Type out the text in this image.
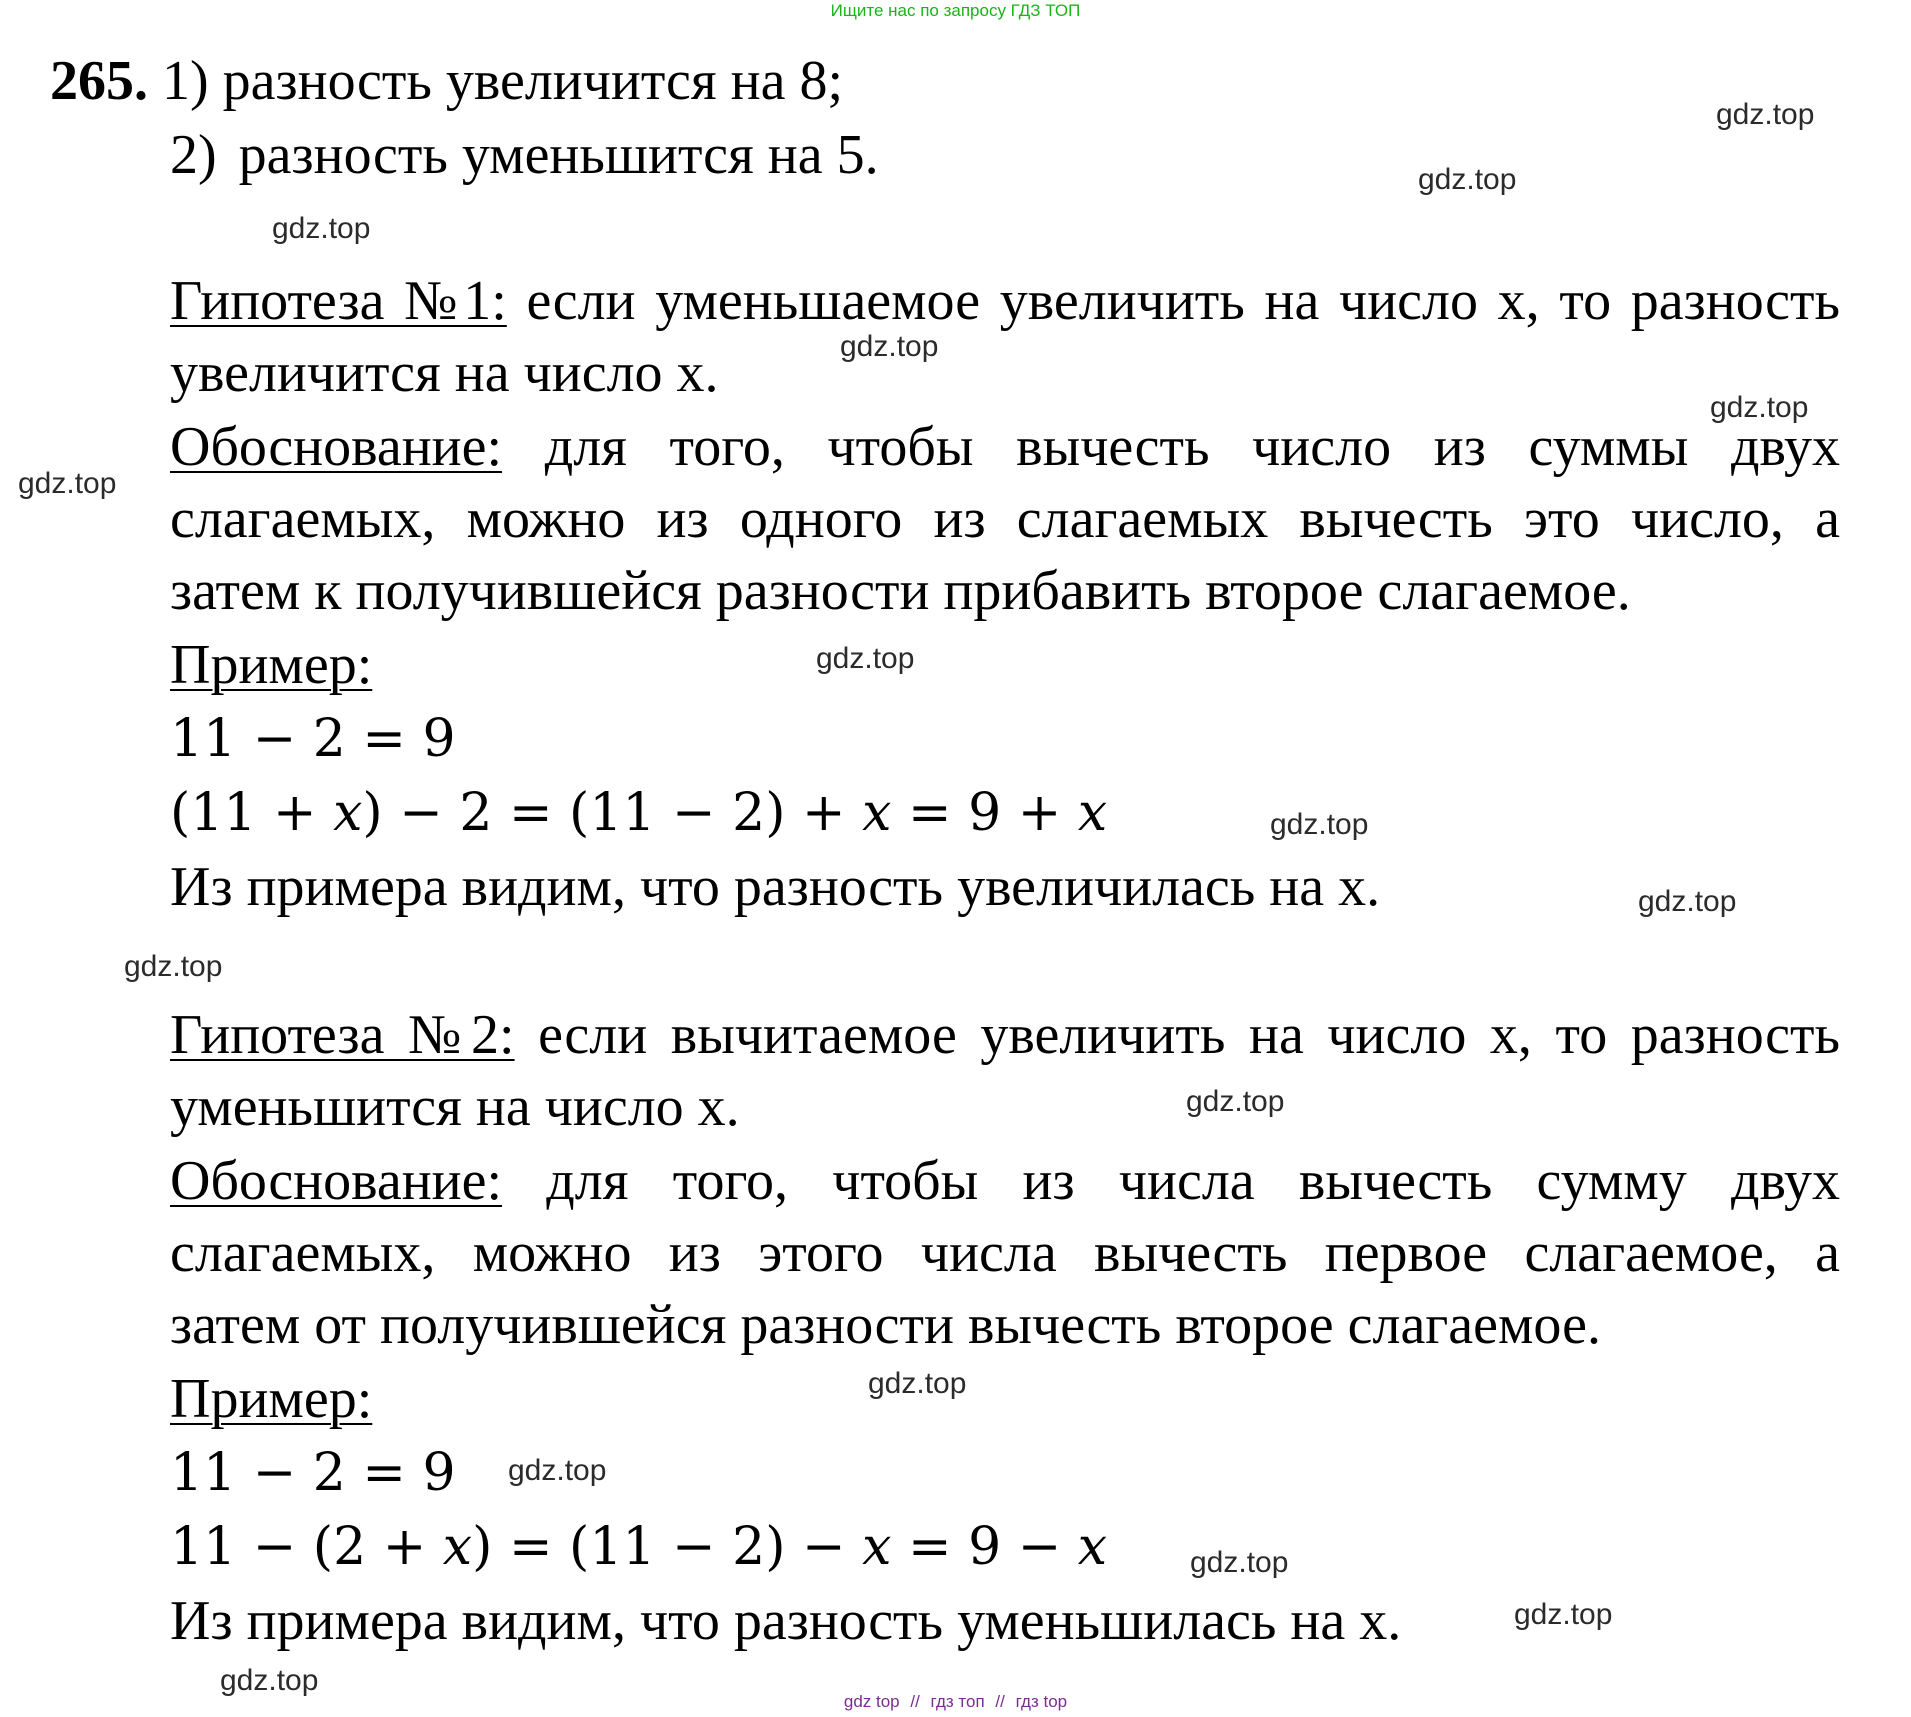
Ищите нас по запросу ГДЗ ТОП
265. 1) разность увеличится на 8;
2) разность уменьшится на 5.
Гипотеза №1: если уменьшаемое увеличить на число x, то разность
увеличится на число x.
Обоснование: для того, чтобы вычесть число из суммы двух
слагаемых, можно из одного из слагаемых вычесть это число, а
затем к получившейся разности прибавить второе слагаемое.
Пример:
11 − 2 = 9
(11 + x) − 2 = (11 − 2) + x = 9 + x
Из примера видим, что разность увеличилась на x.
Гипотеза №2: если вычитаемое увеличить на число x, то разность
уменьшится на число x.
Обоснование: для того, чтобы из числа вычесть сумму двух
слагаемых, можно из этого числа вычесть первое слагаемое, а
затем от получившейся разности вычесть второе слагаемое.
Пример:
11 − 2 = 9
11 − (2 + x) = (11 − 2) − x = 9 − x
Из примера видим, что разность уменьшилась на x.
gdz.top
gdz.top
gdz.top
gdz.top
gdz.top
gdz.top
gdz.top
gdz.top
gdz.top
gdz.top
gdz.top
gdz.top
gdz.top
gdz.top
gdz.top
gdz.top
gdz top // гдз топ // гдз top
